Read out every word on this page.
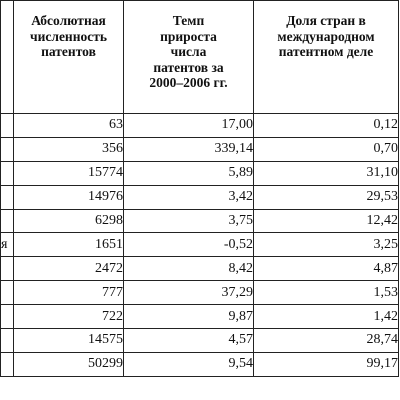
	Абсолютная
численность
патентов	Темп
прироста
числа
патентов за
2000–2006 гг.	Доля стран в
международном
патентном деле

	63	17,00	0,12
	356	339,14	0,70
	15774	5,89	31,10
	14976	3,42	29,53
	6298	3,75	12,42
я	1651	-0,52	3,25
	2472	8,42	4,87
	777	37,29	1,53
	722	9,87	1,42
	14575	4,57	28,74
	50299	9,54	99,17
